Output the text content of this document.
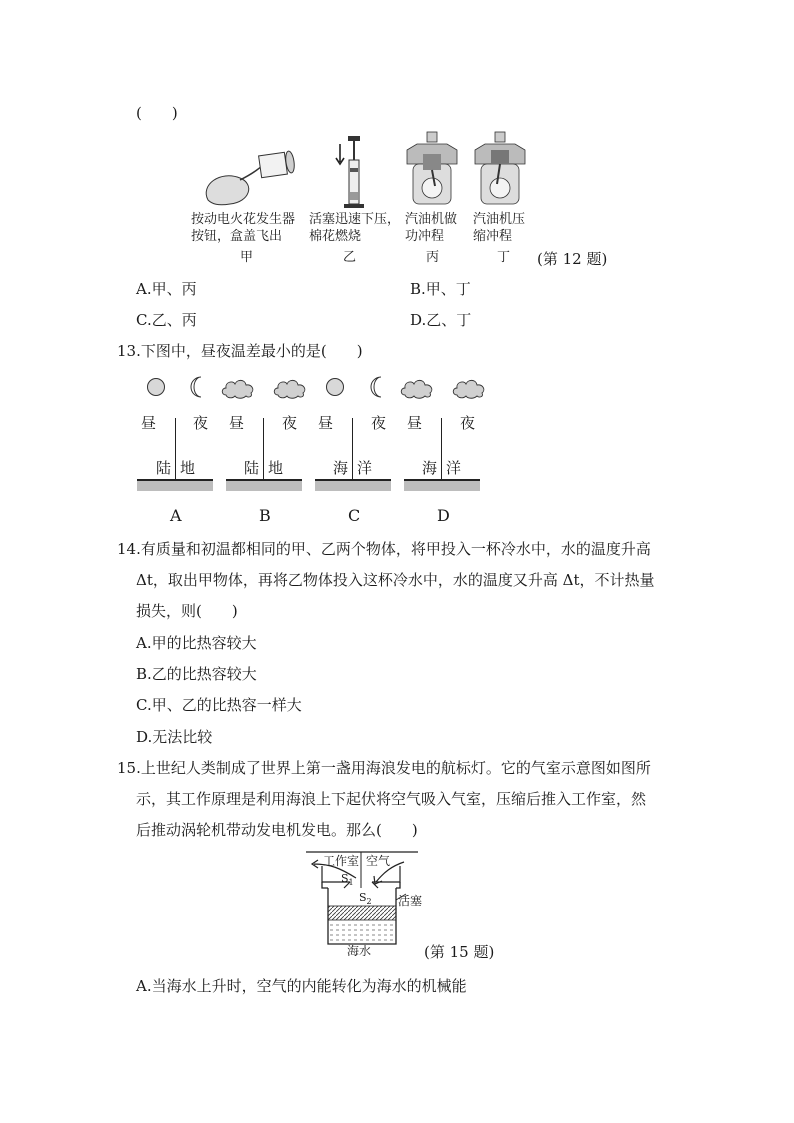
(　　)
按动电火花发生器
按钮，盒盖飞出
活塞迅速下压，
棉花燃烧
汽油机做
功冲程
汽油机压
缩冲程
甲	乙	丙	丁 (第 12 题)
A.甲、丙	B.甲、丁
C.乙、丙	D.乙、丁
13.下图中，昼夜温差最小的是(　　)
昼 夜
陆 地
A
昼	夜
陆 地
B
昼	夜
海 洋
C
昼	夜
海 洋
D
14.有质量和初温都相同的甲、乙两个物体，将甲投入一杯冷水中，水的温度升高
Δt，取出甲物体，再将乙物体投入这杯冷水中，水的温度又升高 Δt，不计热量
损失，则(　　)
A.甲的比热容较大
B.乙的比热容较大
C.甲、乙的比热容一样大
D.无法比较
15.上世纪人类制成了世界上第一盏用海浪发电的航标灯。它的气室示意图如图所
示，其工作原理是利用海浪上下起伏将空气吸入气室，压缩后推入工作室，然
后推动涡轮机带动发电机发电。那么(　　)
工作室 空气
$S_1$
$S_2$ 活塞
海水	(第 15 题)
A.当海水上升时，空气的内能转化为海水的机械能
